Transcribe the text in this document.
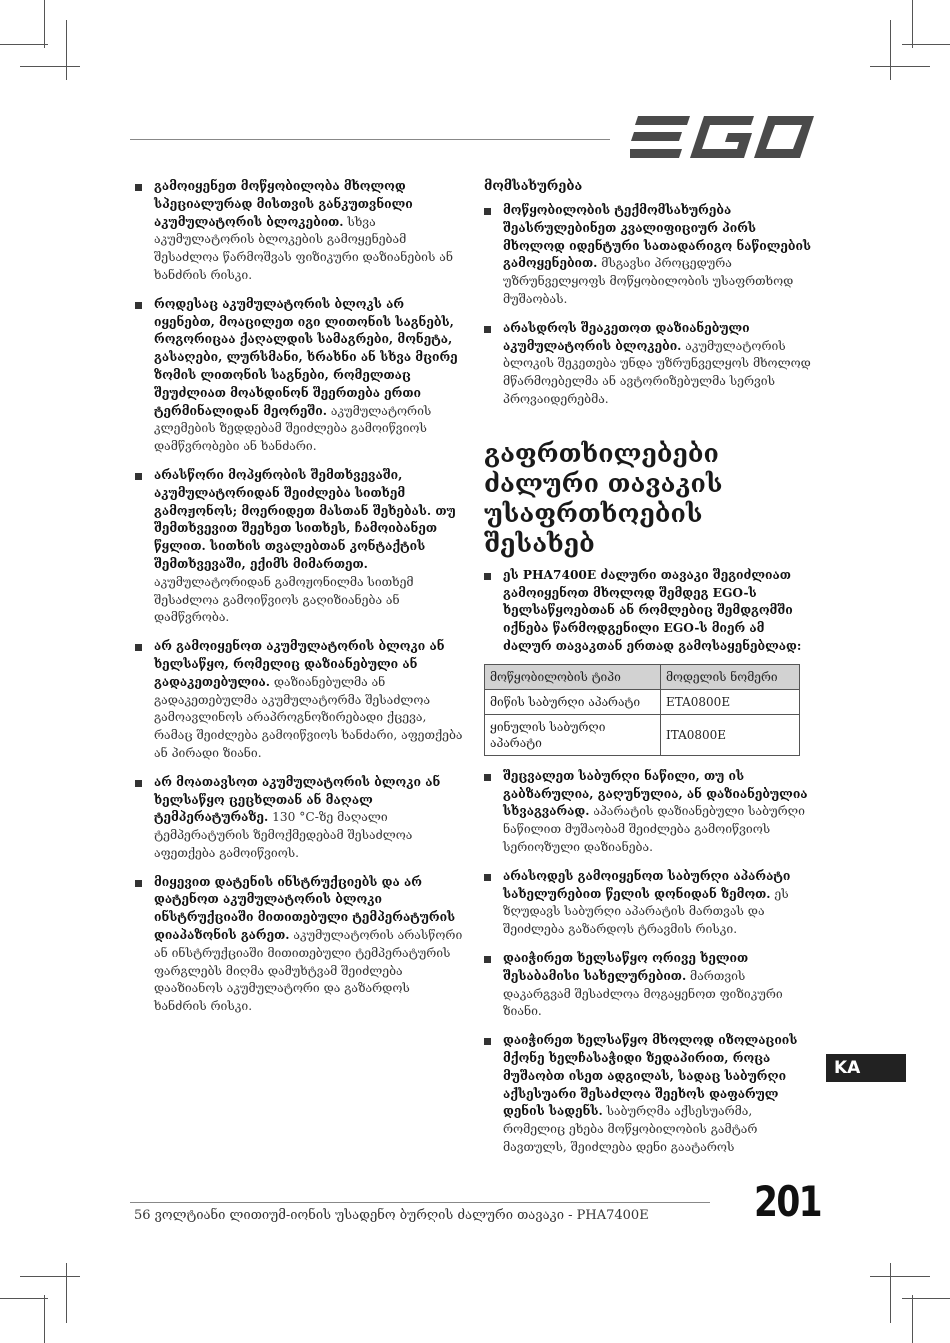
გამოიყენეთ მოწყობილობა მხოლოდ სპეციალურად მისთვის განკუთვნილი აკუმულატორის ბლოკებით. სხვა აკუმულატორის ბლოკების გამოყენებამ შესაძლოა წარმოშვას ფიზიკური დაზიანების ან ხანძრის რისკი.
როდესაც აკუმულატორის ბლოკს არ იყენებთ, მოაცილეთ იგი ლითონის საგნებს, როგორიცაა ქაღალდის სამაგრები, მონეტა, გასაღები, ლურსმანი, ხრახნი ან სხვა მცირე ზომის ლითონის საგნები, რომელთაც შეუძლიათ მოახდინონ შეერთება ერთი ტერმინალიდან მეორეში. აკუმულატორის კლემების ზედდებამ შეიძლება გამოიწვიოს დამწვრობები ან ხანძარი.
არასწორი მოპყრობის შემთხვევაში, აკუმულატორიდან შეიძლება სითხემ გამოჟონოს; მოერიდეთ მასთან შეხებას. თუ შემთხვევით შეეხეთ სითხეს, ჩამოიბანეთ წყლით. სითხის თვალებთან კონტაქტის შემთხვევაში, ექიმს მიმართეთ. აკუმულატორიდან გამოჟონილმა სითხემ შესაძლოა გამოიწვიოს გაღიზიანება ან დამწვრობა.
არ გამოიყენოთ აკუმულატორის ბლოკი ან ხელსაწყო, რომელიც დაზიანებული ან გადაკეთებულია. დაზიანებულმა ან გადაკეთებულმა აკუმულატორმა შესაძლოა გამოავლინოს არაპროგნოზირებადი ქცევა, რამაც შეიძლება გამოიწვიოს ხანძარი, აფეთქება ან პირადი ზიანი.
არ მოათავსოთ აკუმულატორის ბლოკი ან ხელსაწყო ცეცხლთან ან მაღალ ტემპერატურაზე. 130 °C-ზე მაღალი ტემპერატურის ზემოქმედებამ შესაძლოა აფეთქება გამოიწვიოს.
მიყევით დატენის ინსტრუქციებს და არ დატენოთ აკუმულატორის ბლოკი ინსტრუქციაში მითითებული ტემპერატურის დიაპაზონის გარეთ. აკუმულატორის არასწორი ან ინსტრუქციაში მითითებული ტემპერატურის ფარგლებს მიღმა დამუხტვამ შეიძლება დააზიანოს აკუმულატორი და გაზარდოს ხანძრის რისკი.
მომსახურება
მოწყობილობის ტექმომსახურება შეასრულებინეთ კვალიფიციურ პირს მხოლოდ იდენტური სათადარიგო ნაწილების გამოყენებით. მსგავსი პროცედურა უზრუნველყოფს მოწყობილობის უსაფრთხოდ მუშაობას.
არასდროს შეაკეთოთ დაზიანებული აკუმულატორის ბლოკები. აკუმულატორის ბლოკის შეკეთება უნდა უზრუნველყოს მხოლოდ მწარმოებელმა ან ავტორიზებულმა სერვის პროვაიდერებმა.
გაფრთხილებები
ძალური თავაკის
უსაფრთხოების შესახებ
ეს PHA7400E ძალური თავაკი შეგიძლიათ გამოიყენოთ მხოლოდ შემდეგ EGO-ს ხელსაწყოებთან ან რომლებიც შემდგომში იქნება წარმოდგენილი EGO-ს მიერ ამ ძალურ თავაკთან ერთად გამოსაყენებლად:
მოწყობილობის ტიპი	მოდელის ნომერი
მიწის საბურღი აპარატი	ETA0800E
ყინულის საბურღი აპარატი	ITA0800E
შეცვალეთ საბურღი ნაწილი, თუ ის გაბზარულია, გაღუნულია, ან დაზიანებულია სხვაგვარად. აპარატის დაზიანებული საბურღი ნაწილით მუშაობამ შეიძლება გამოიწვიოს სერიოზული დაზიანება.
არასოდეს გამოიყენოთ საბურღი აპარატი სახელურებით წელის დონიდან ზემოთ. ეს ზღუდავს საბურღი აპარატის მართვას და შეიძლება გაზარდოს ტრავმის რისკი.
დაიჭირეთ ხელსაწყო ორივე ხელით შესაბამისი სახელურებით. მართვის დაკარგვამ შესაძლოა მოგაყენოთ ფიზიკური ზიანი.
დაიჭირეთ ხელსაწყო მხოლოდ იზოლაციის მქონე ხელჩასაჭიდი ზედაპირით, როცა მუშაობთ ისეთ ადგილას, სადაც საბურღი აქსესუარი შესაძლოა შეეხოს დაფარულ დენის სადენს. საბურღმა აქსესუარმა, რომელიც ეხება მოწყობილობის გამტარ მავთულს, შეიძლება დენი გაატაროს
KA
56 ვოლტიანი ლითიუმ-იონის უსადენო ბურღის ძალური თავაკი - PHA7400E	201
